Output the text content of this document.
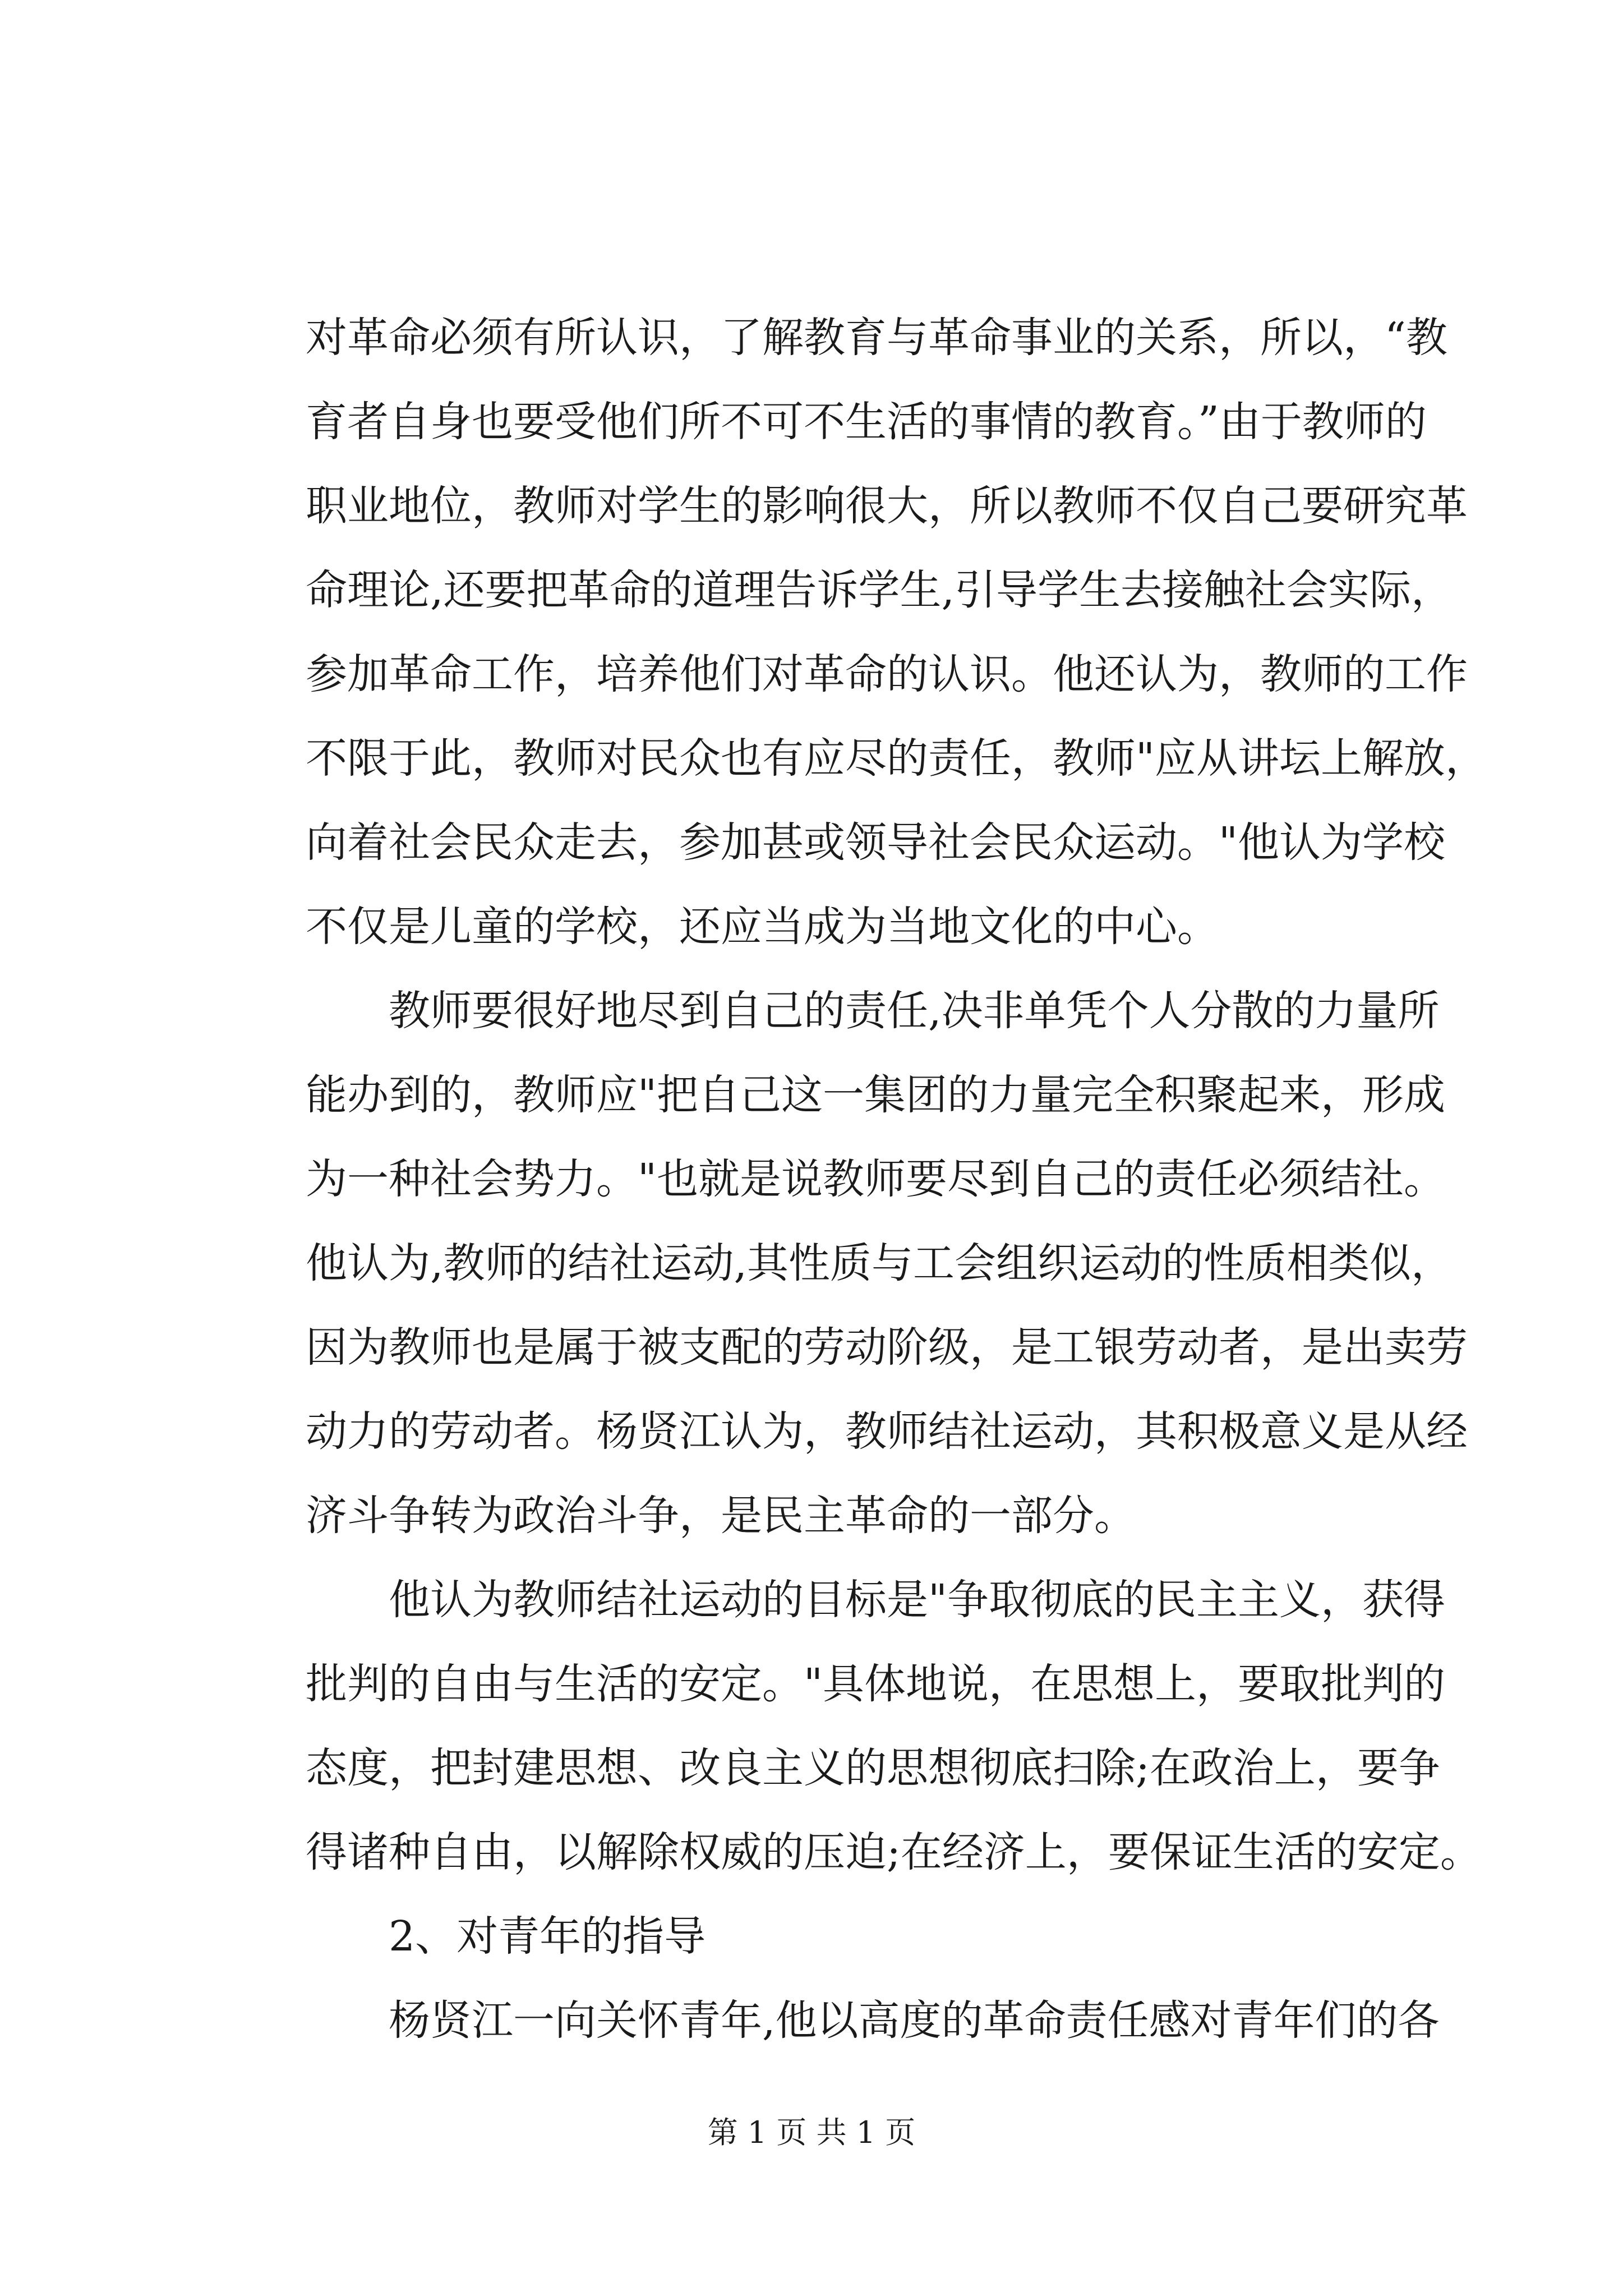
对革命必须有所认识，了解教育与革命事业的关系，所以，“教
育者自身也要受他们所不可不生活的事情的教育。”由于教师的
职业地位，教师对学生的影响很大，所以教师不仅自己要研究革
命理论,还要把革命的道理告诉学生,引导学生去接触社会实际，
参加革命工作，培养他们对革命的认识。他还认为，教师的工作
不限于此，教师对民众也有应尽的责任，教师"应从讲坛上解放，
向着社会民众走去，参加甚或领导社会民众运动。"他认为学校
不仅是儿童的学校，还应当成为当地文化的中心。
教师要很好地尽到自己的责任,决非单凭个人分散的力量所
能办到的，教师应"把自己这一集团的力量完全积聚起来，形成
为一种社会势力。"也就是说教师要尽到自己的责任必须结社。
他认为,教师的结社运动,其性质与工会组织运动的性质相类似，
因为教师也是属于被支配的劳动阶级，是工银劳动者，是出卖劳
动力的劳动者。杨贤江认为，教师结社运动，其积极意义是从经
济斗争转为政治斗争，是民主革命的一部分。
他认为教师结社运动的目标是"争取彻底的民主主义，获得
批判的自由与生活的安定。"具体地说，在思想上，要取批判的
态度，把封建思想、改良主义的思想彻底扫除;在政治上，要争
得诸种自由，以解除权威的压迫;在经济上，要保证生活的安定。
2、对青年的指导
杨贤江一向关怀青年,他以高度的革命责任感对青年们的各
第 1 页 共 1 页
